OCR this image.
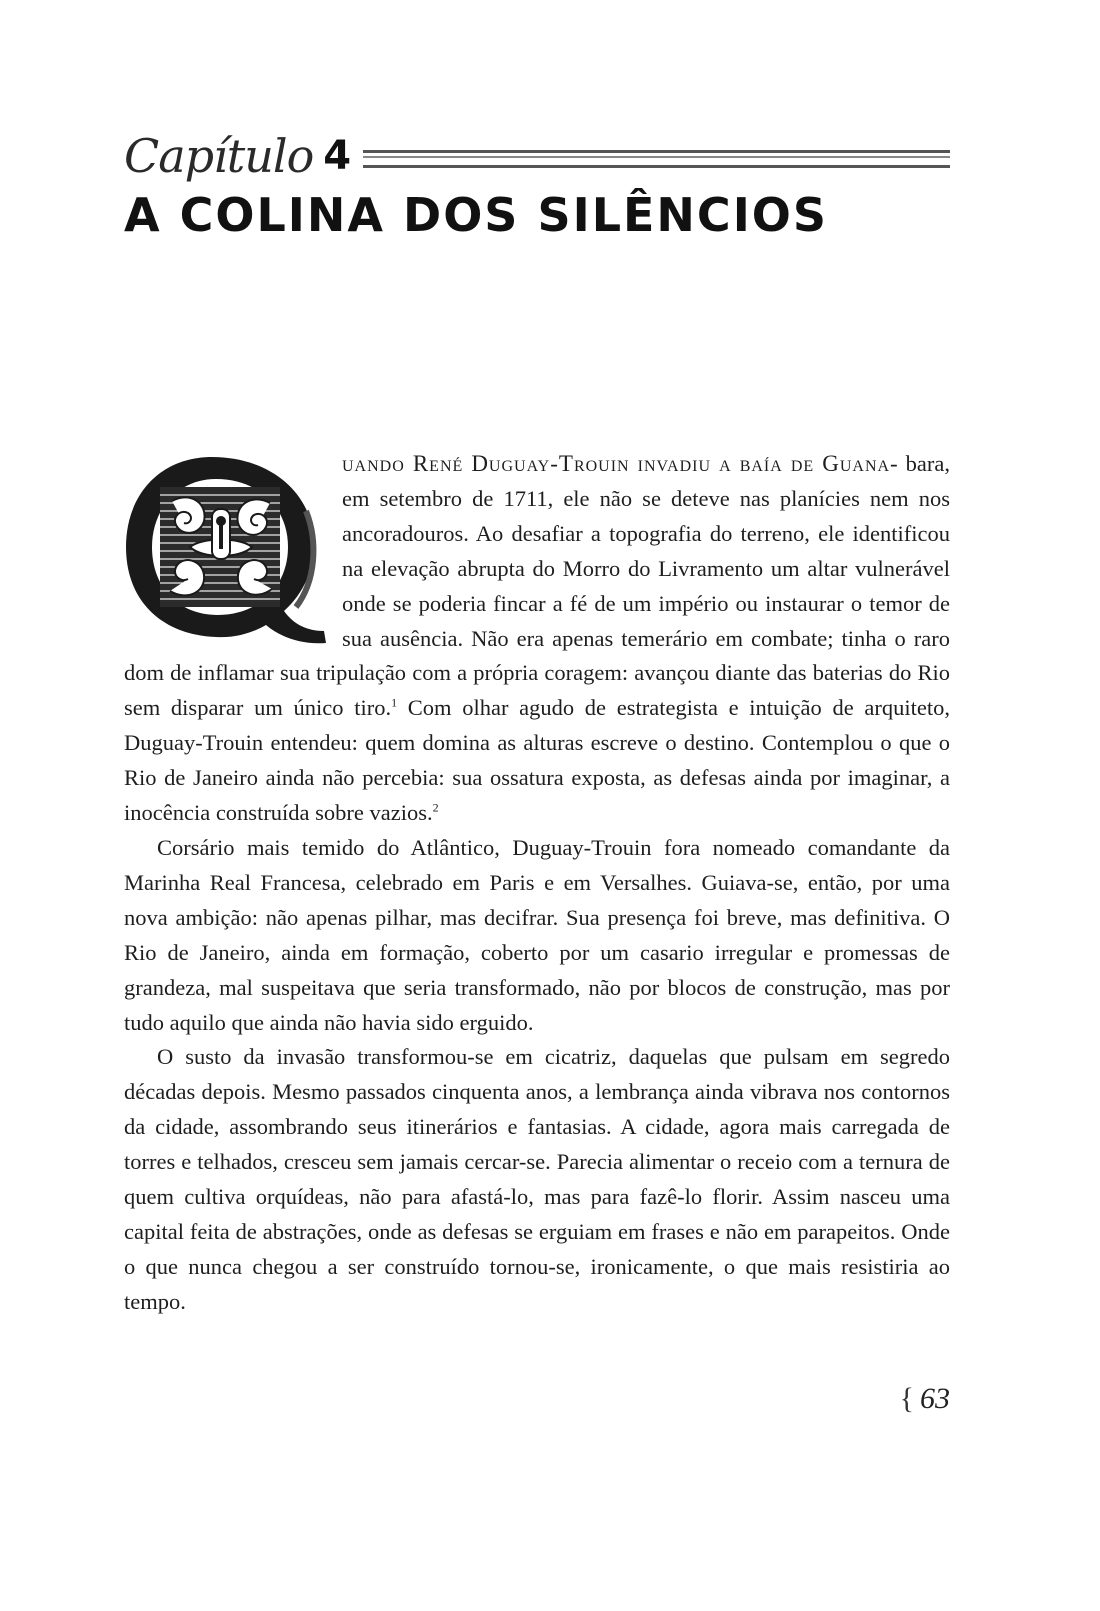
Capítulo 4
A COLINA DOS SILÊNCIOS

uando René Duguay-Trouin invadiu a baía de Guana- bara, em setembro de 1711, ele não se deteve nas planícies nem nos ancoradouros. Ao desafiar a topografia do terreno, ele identificou na elevação abrupta do Morro do Livramento um altar vulnerável onde se poderia fincar a fé de um império ou instaurar o temor de sua ausência. Não era apenas temerário em combate; tinha o raro dom de inflamar sua tripulação com a própria coragem: avançou diante das baterias do Rio sem disparar um único tiro.$^1$ Com olhar agudo de estrategista e intuição de arquiteto, Duguay-Trouin entendeu: quem domina as alturas escreve o destino. Contemplou o que o Rio de Janeiro ainda não percebia: sua ossatura exposta, as defesas ainda por imaginar, a inocência construída sobre vazios.$^2$

Corsário mais temido do Atlântico, Duguay-Trouin fora nomeado comandante da Marinha Real Francesa, celebrado em Paris e em Versalhes. Guiava-se, então, por uma nova ambição: não apenas pilhar, mas decifrar. Sua presença foi breve, mas definitiva. O Rio de Janeiro, ainda em formação, coberto por um casario irregular e promessas de grandeza, mal suspeitava que seria transformado, não por blocos de construção, mas por tudo aquilo que ainda não havia sido erguido.

O susto da invasão transformou-se em cicatriz, daquelas que pulsam em segredo décadas depois. Mesmo passados cinquenta anos, a lembrança ainda vibrava nos contornos da cidade, assombrando seus itinerários e fantasias. A cidade, agora mais carregada de torres e telhados, cresceu sem jamais cercar-se. Parecia alimentar o receio com a ternura de quem cultiva orquídeas, não para afastá-lo, mas para fazê-lo florir. Assim nasceu uma capital feita de abstrações, onde as defesas se erguiam em frases e não em parapeitos. Onde o que nunca chegou a ser construído tornou-se, ironicamente, o que mais resistiria ao tempo.

{ 63
